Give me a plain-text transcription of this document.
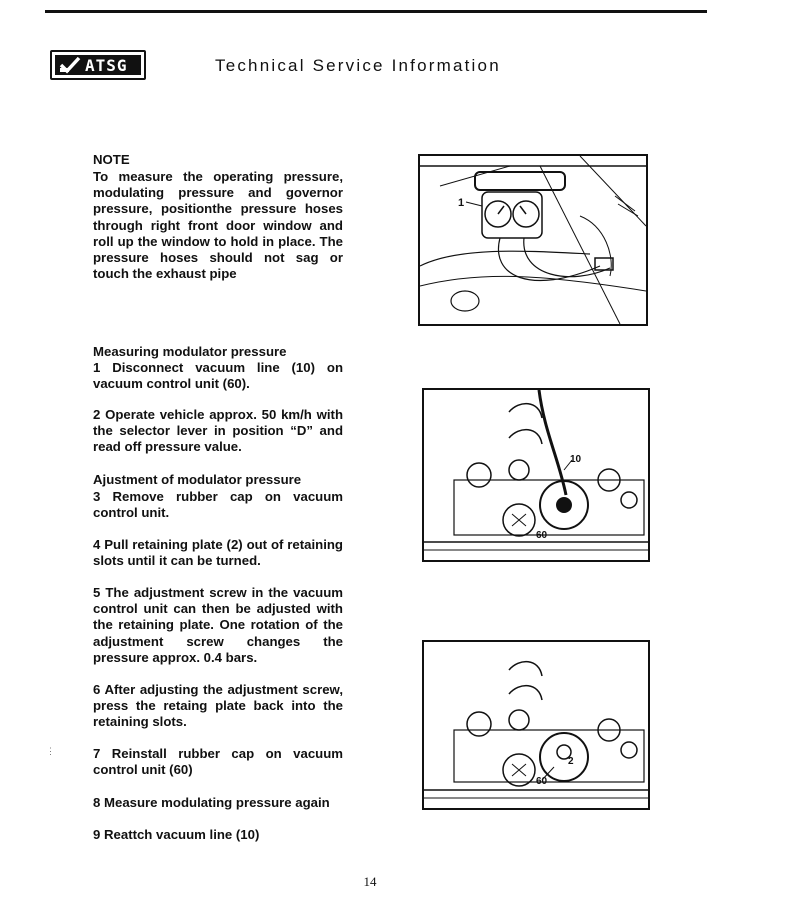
ATSG	Technical Service Information
NOTE
To measure the operating pressure, modulating pressure and governor pressure, positionthe pressure hoses through right front door window and roll up the window to hold in place. The pressure hoses should not sag or touch the exhaust pipe
Measuring modulator pressure
1 Disconnect vacuum line (10) on vacuum control unit (60).
2 Operate vehicle approx. 50 km/h with the selector lever in position “D” and read off pressure value.
Ajustment of modulator pressure
3 Remove rubber cap on vacuum control unit.
4 Pull retaining plate (2) out of retaining slots until it can be turned.
5 The adjustment screw in the vacuum control unit can then be adjusted with the retaining plate. One rotation of the adjustment screw changes the pressure approx. 0.4 bars.
6 After adjusting the adjustment screw, press the retaing plate back into the retaining slots.
7 Reinstall rubber cap on vacuum control unit (60)
8 Measure modulating pressure again
9 Reattch vacuum line (10)
1
10
60
2
60
⋮
14
